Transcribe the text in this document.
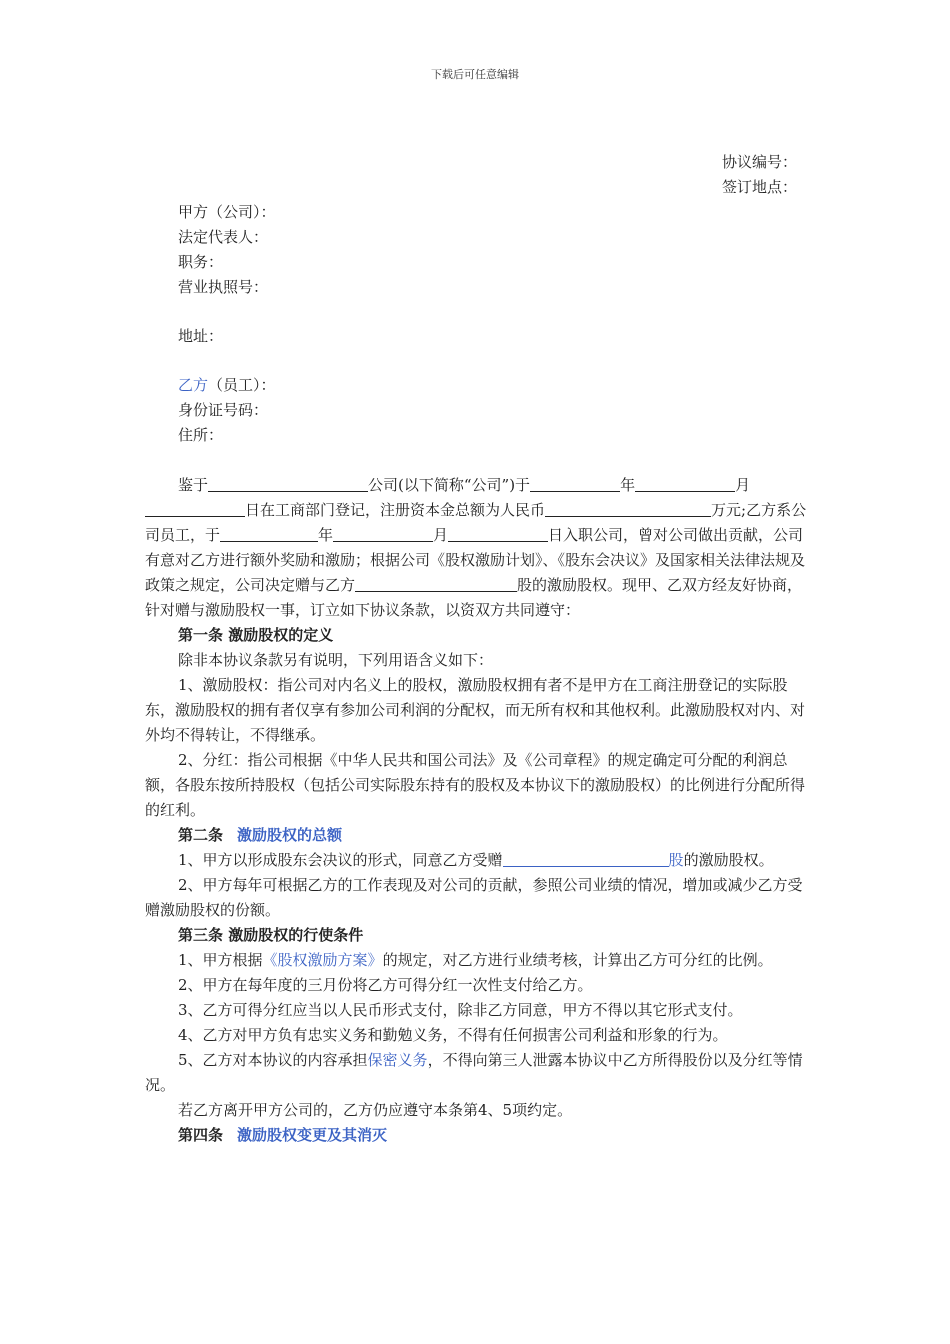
下载后可任意编辑
协议编号：
签订地点：
甲方（公司）：
法定代表人：
职务：
营业执照号：
地址：
乙方（员工）：
身份证号码：
住所：

鉴于	公司(以下简称“公司”)于	年	月日在工商部门登记，注册资本金总额为人民币	万元;乙方系公司员工，于	年	月	日入职公司，曾对公司做出贡献，公司有意对乙方进行额外奖励和激励；根据公司《股权激励计划》、《股东会决议》及国家相关法律法规及政策之规定，公司决定赠与乙方	股的激励股权。现甲、乙双方经友好协商，针对赠与激励股权一事，订立如下协议条款，以资双方共同遵守：

第一条 激励股权的定义

除非本协议条款另有说明，下列用语含义如下：

1、激励股权：指公司对内名义上的股权，激励股权拥有者不是甲方在工商注册登记的实际股东，激励股权的拥有者仅享有参加公司利润的分配权，而无所有权和其他权利。此激励股权对内、对外均不得转让，不得继承。

2、分红：指公司根据《中华人民共和国公司法》及《公司章程》的规定确定可分配的利润总额，各股东按所持股权（包括公司实际股东持有的股权及本协议下的激励股权）的比例进行分配所得的红利。

第二条 激励股权的总额

1、甲方以形成股东会决议的形式，同意乙方受赠	股的激励股权。

2、甲方每年可根据乙方的工作表现及对公司的贡献，参照公司业绩的情况，增加或减少乙方受赠激励股权的份额。

第三条 激励股权的行使条件

1、甲方根据《股权激励方案》的规定，对乙方进行业绩考核，计算出乙方可分红的比例。

2、甲方在每年度的三月份将乙方可得分红一次性支付给乙方。

3、乙方可得分红应当以人民币形式支付，除非乙方同意，甲方不得以其它形式支付。

4、乙方对甲方负有忠实义务和勤勉义务，不得有任何损害公司利益和形象的行为。

5、乙方对本协议的内容承担保密义务，不得向第三人泄露本协议中乙方所得股份以及分红等情况。

若乙方离开甲方公司的，乙方仍应遵守本条第4、5项约定。

第四条 激励股权变更及其消灭
